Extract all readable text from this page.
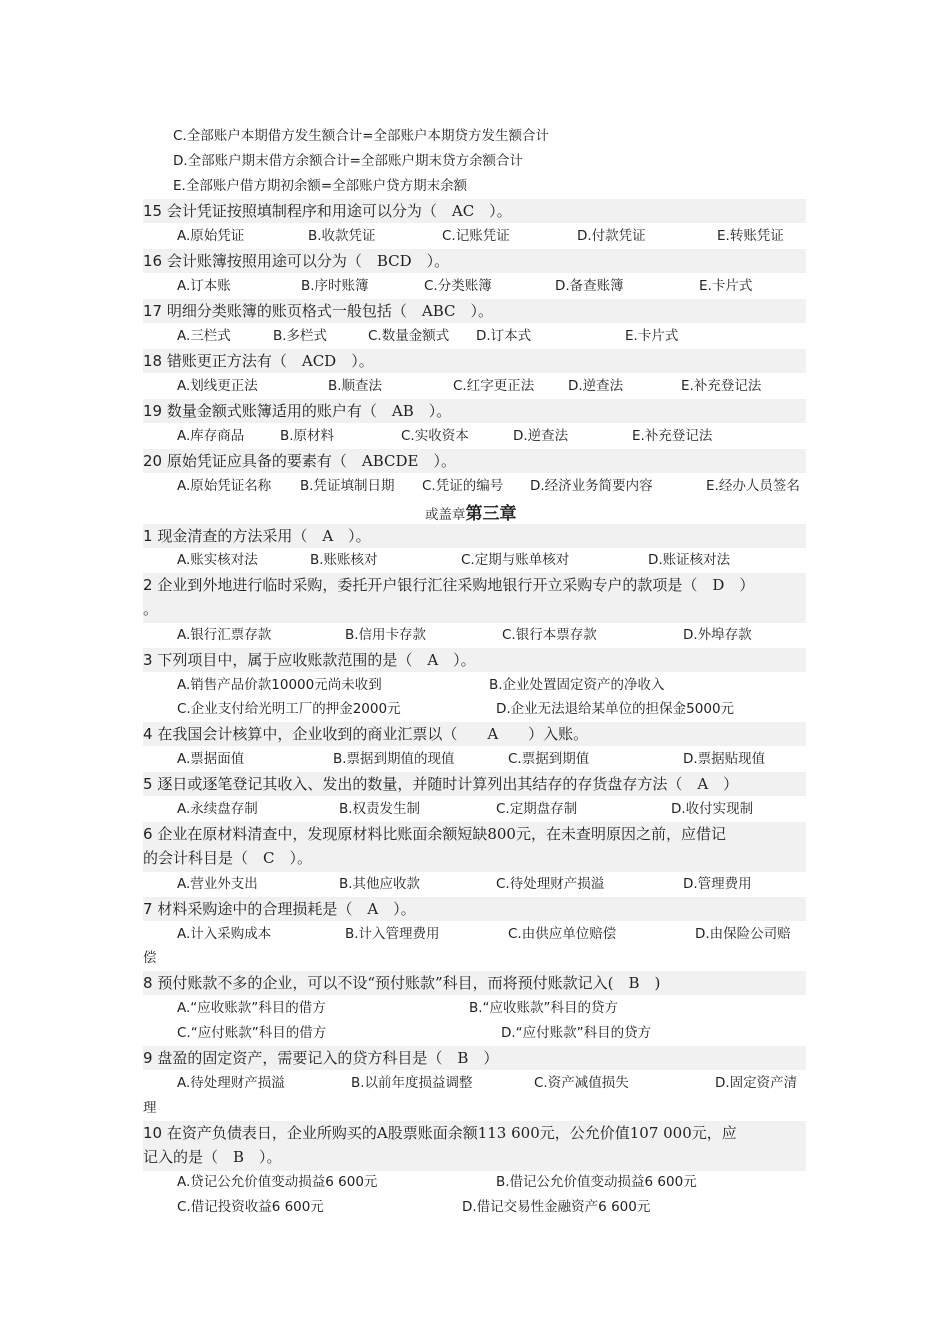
C.全部账户本期借方发生额合计=全部账户本期贷方发生额合计
D.全部账户期末借方余额合计=全部账户期末贷方余额合计
E.全部账户借方期初余额=全部账户贷方期末余额
15 会计凭证按照填制程序和用途可以分为（　AC　）。
A.原始凭证	B.收款凭证	C.记账凭证	D.付款凭证	E.转账凭证
16 会计账簿按照用途可以分为（　BCD　）。
A.订本账	B.序时账簿	C.分类账簿	D.备查账簿	E.卡片式
17 明细分类账簿的账页格式一般包括（　ABC　）。
A.三栏式	B.多栏式	C.数量金额式 D.订本式	E.卡片式
18 错账更正方法有（　ACD　）。
A.划线更正法	B.顺查法	C.红字更正法	D.逆查法	E.补充登记法
19 数量金额式账簿适用的账户有（　AB　）。
A.库存商品	B.原材料	C.实收资本	D.逆查法	E.补充登记法
20 原始凭证应具备的要素有（　ABCDE　）。
A.原始凭证名称 B.凭证填制日期 C.凭证的编号 D.经济业务简要内容	E.经办人员签名
或盖章第三章
1 现金清查的方法采用（　A　）。
A.账实核对法	B.账账核对	C.定期与账单核对	D.账证核对法
2 企业到外地进行临时采购，委托开户银行汇往采购地银行开立采购专户的款项是（　D　）
。
A.银行汇票存款	B.信用卡存款	C.银行本票存款	D.外埠存款
3 下列项目中，属于应收账款范围的是（　A　）。
A.销售产品价款10000元尚未收到	B.企业处置固定资产的净收入
C.企业支付给光明工厂的押金2000元	D.企业无法退给某单位的担保金5000元
4 在我国会计核算中，企业收到的商业汇票以（　　A　　）入账。
A.票据面值	B.票据到期值的现值	C.票据到期值	D.票据贴现值
5 逐日或逐笔登记其收入、发出的数量，并随时计算列出其结存的存货盘存方法（　A　）
A.永续盘存制	B.权责发生制	C.定期盘存制	D.收付实现制
6 企业在原材料清查中，发现原材料比账面余额短缺800元，在未查明原因之前，应借记
的会计科目是（　C　）。
A.营业外支出	B.其他应收款	C.待处理财产损溢	D.管理费用
7 材料采购途中的合理损耗是（　A　）。
A.计入采购成本	B.计入管理费用	C.由供应单位赔偿	D.由保险公司赔
偿
8 预付账款不多的企业，可以不设“预付账款”科目，而将预付账款记入(　B　)
A.“应收账款”科目的借方	B.“应收账款”科目的贷方
C.“应付账款”科目的借方	D.“应付账款”科目的贷方
9 盘盈的固定资产，需要记入的贷方科目是（　B　）
A.待处理财产损溢	B.以前年度损益调整	C.资产减值损失	D.固定资产清
理
10 在资产负债表日，企业所购买的A股票账面余额113 600元，公允价值107 000元，应
记入的是（　B　）。
A.贷记公允价值变动损益6 600元	B.借记公允价值变动损益6 600元
C.借记投资收益6 600元	D.借记交易性金融资产6 600元
